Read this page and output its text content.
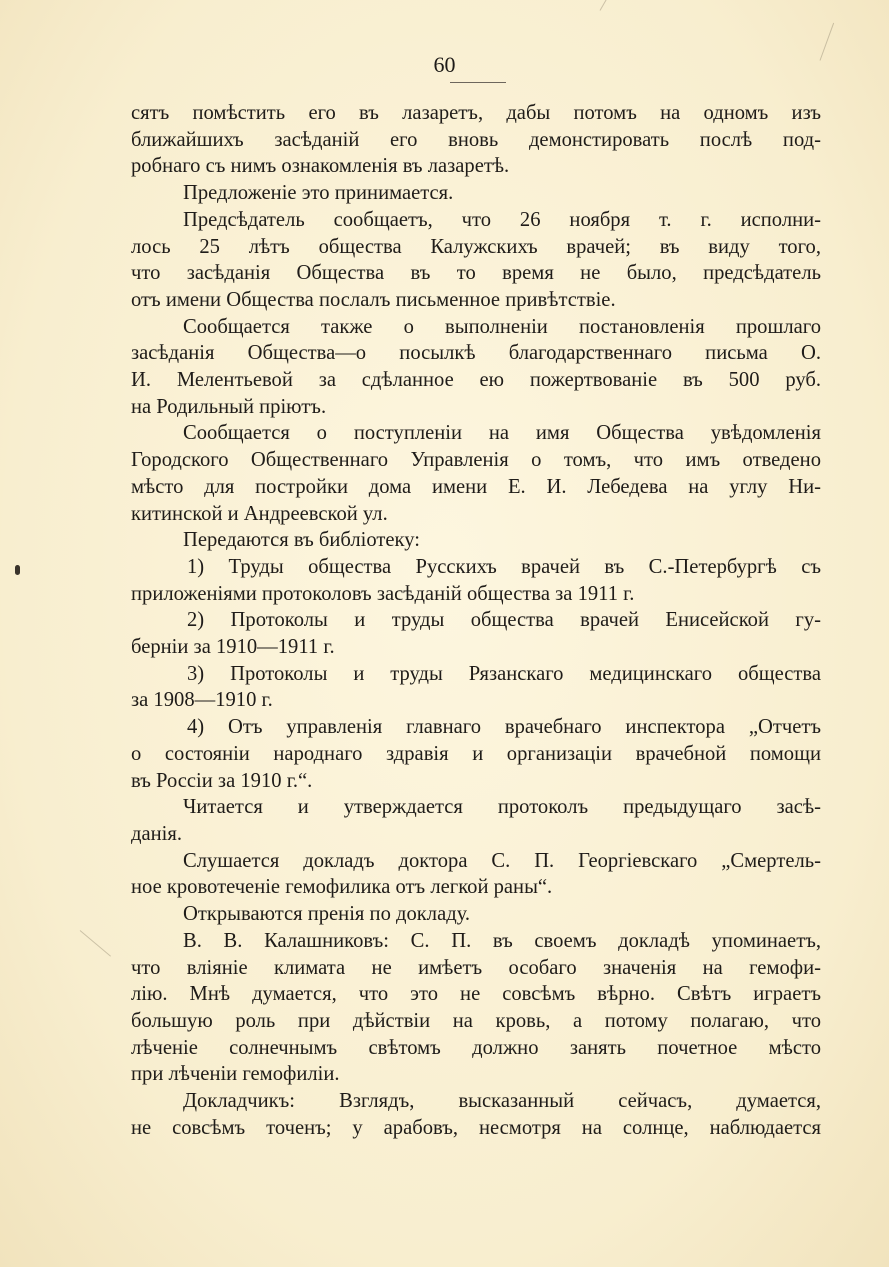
60
сятъ помѣстить его въ лазаретъ, дабы потомъ на одномъ изъ
ближайшихъ засѣданій его вновь демонстировать послѣ под-
робнаго съ нимъ ознакомленія въ лазаретѣ.
Предложеніе это принимается.
Предсѣдатель сообщаетъ, что 26 ноября т. г. исполни-
лось 25 лѣтъ общества Калужскихъ врачей; въ виду того,
что засѣданія Общества въ то время не было, предсѣдатель
отъ имени Общества послалъ письменное привѣтствіе.
Сообщается также о выполненіи постановленія прошлаго
засѣданія Общества—о посылкѣ благодарственнаго письма О.
И. Мелентьевой за сдѣланное ею пожертвованіе въ 500 руб.
на Родильный пріютъ.
Сообщается о поступленіи на имя Общества увѣдомленія
Городского Общественнаго Управленія о томъ, что имъ отведено
мѣсто для постройки дома имени Е. И. Лебедева на углу Ни-
китинской и Андреевской ул.
Передаются въ библіотеку:
1) Труды общества Русскихъ врачей въ С.-Петербургѣ съ
приложеніями протоколовъ засѣданій общества за 1911 г.
2) Протоколы и труды общества врачей Енисейской гу-
берніи за 1910—1911 г.
3) Протоколы и труды Рязанскаго медицинскаго общества
за 1908—1910 г.
4) Отъ управленія главнаго врачебнаго инспектора „Отчетъ
о состояніи народнаго здравія и организаціи врачебной помощи
въ Россіи за 1910 г.“.
Читается и утверждается протоколъ предыдущаго засѣ-
данія.
Слушается докладъ доктора С. П. Георгіевскаго „Смертель-
ное кровотеченіе гемофилика отъ легкой раны“.
Открываются пренія по докладу.
В. В. Калашниковъ: С. П. въ своемъ докладѣ упоминаетъ,
что вліяніе климата не имѣетъ особаго значенія на гемофи-
лію. Мнѣ думается, что это не совсѣмъ вѣрно. Свѣтъ играетъ
большую роль при дѣйствіи на кровь, а потому полагаю, что
лѣченіе солнечнымъ свѣтомъ должно занять почетное мѣсто
при лѣченіи гемофиліи.
Докладчикъ: Взглядъ, высказанный сейчасъ, думается,
не совсѣмъ точенъ; у арабовъ, несмотря на солнце, наблюдается
